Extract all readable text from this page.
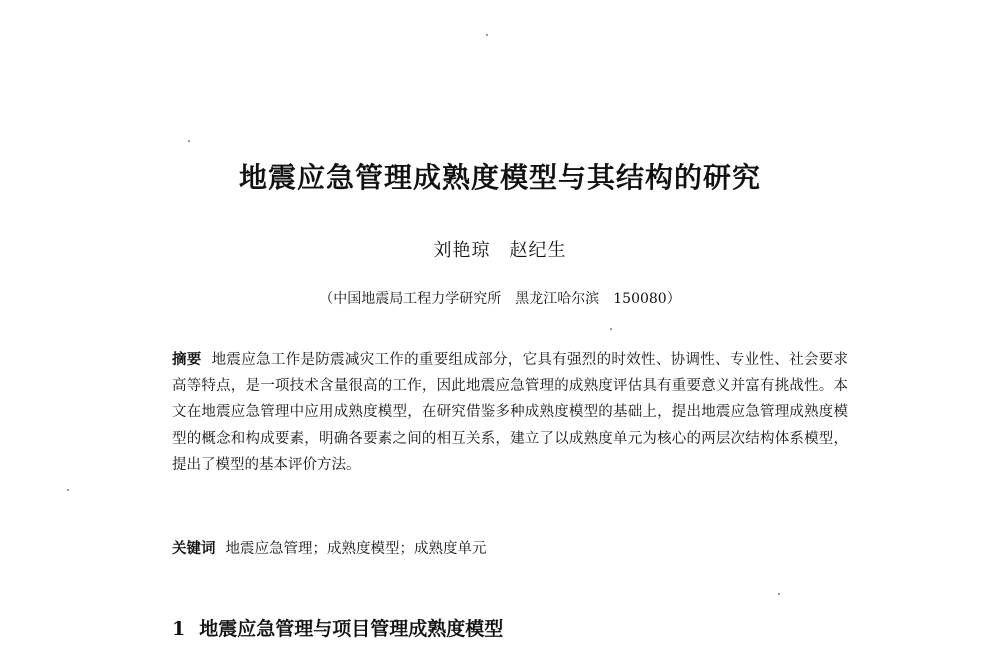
地震应急管理成熟度模型与其结构的研究

刘艳琼　赵纪生

（中国地震局工程力学研究所　黑龙江哈尔滨　150080）

摘要 地震应急工作是防震减灾工作的重要组成部分，它具有强烈的时效性、协调性、专业性、社会要求高等特点，是一项技术含量很高的工作，因此地震应急管理的成熟度评估具有重要意义并富有挑战性。本文在地震应急管理中应用成熟度模型，在研究借鉴多种成熟度模型的基础上，提出地震应急管理成熟度模型的概念和构成要素，明确各要素之间的相互关系，建立了以成熟度单元为核心的两层次结构体系模型，提出了模型的基本评价方法。

关键词 地震应急管理；成熟度模型；成熟度单元

1 地震应急管理与项目管理成熟度模型
